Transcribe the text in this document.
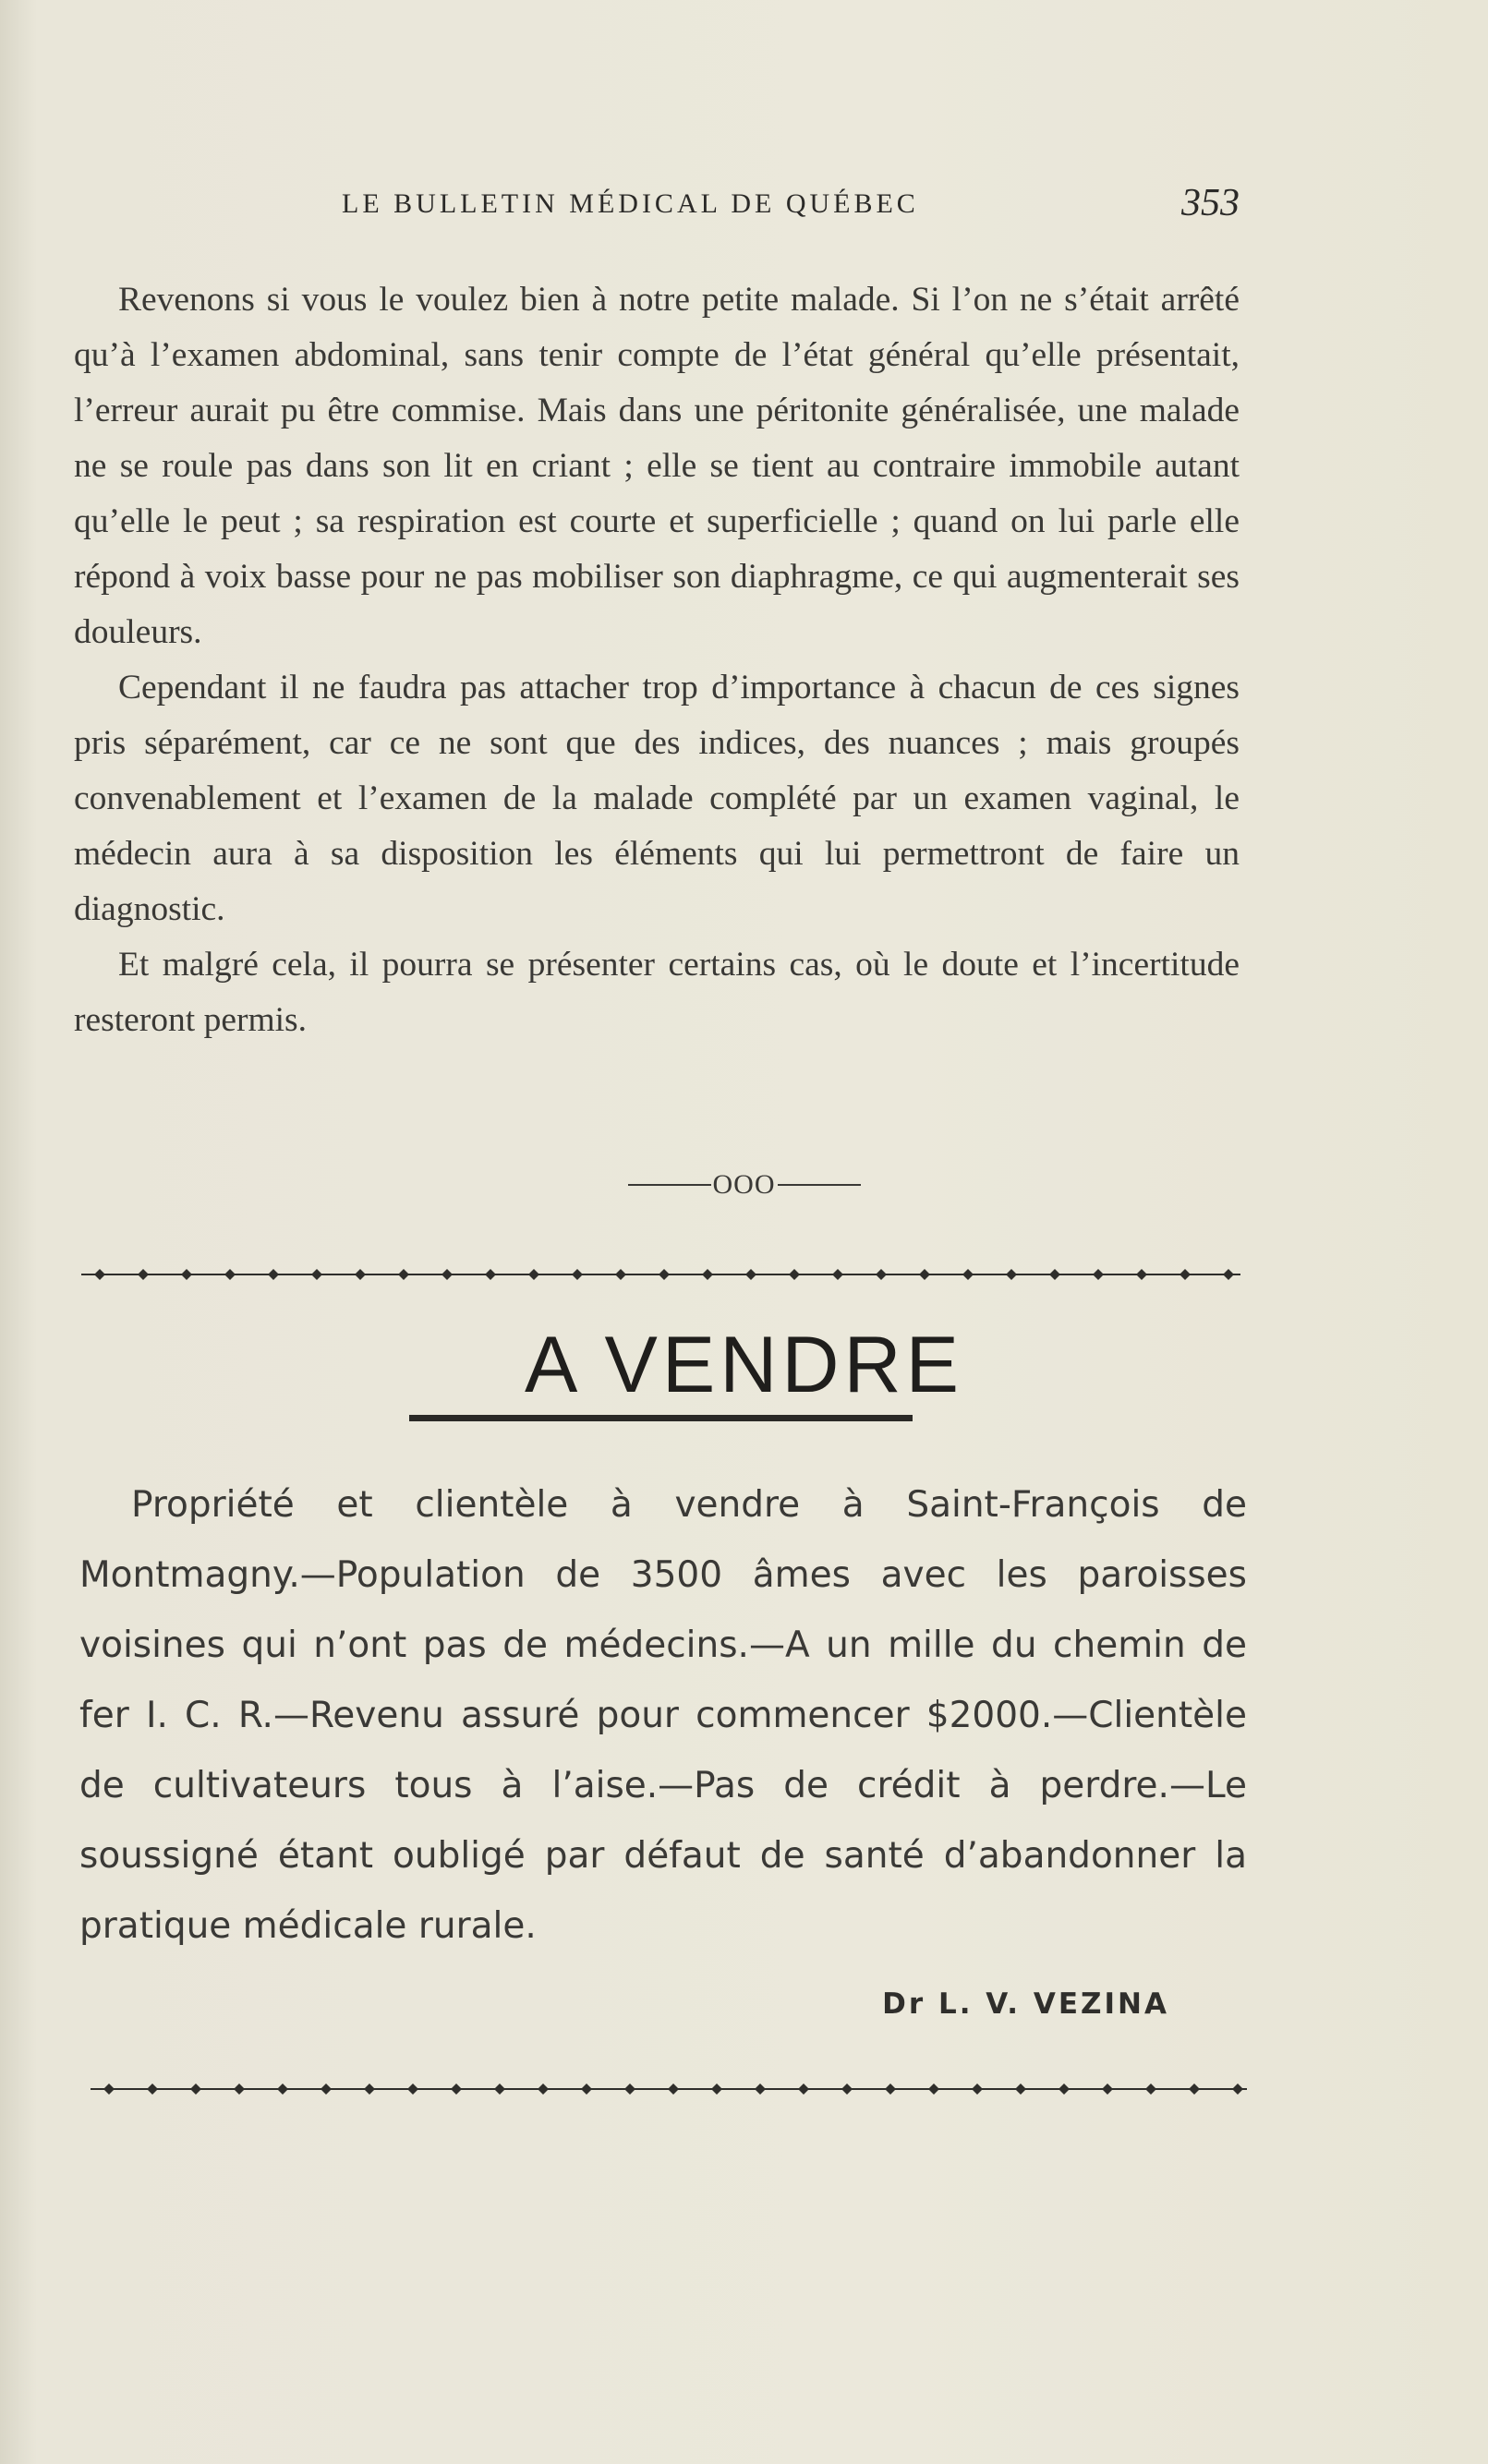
LE BULLETIN MÉDICAL DE QUÉBEC	353

Revenons si vous le voulez bien à notre petite malade. Si l’on ne s’était arrêté qu’à l’examen abdominal, sans tenir compte de l’état général qu’elle présentait, l’erreur aurait pu être commise. Mais dans une péritonite généralisée, une malade ne se roule pas dans son lit en criant ; elle se tient au contraire immobile autant qu’elle le peut ; sa respiration est courte et superficielle ; quand on lui parle elle répond à voix basse pour ne pas mobiliser son diaphragme, ce qui augmenterait ses douleurs.

Cependant il ne faudra pas attacher trop d’importance à chacun de ces signes pris séparément, car ce ne sont que des indices, des nuances ; mais groupés convenablement et l’examen de la malade complété par un examen vaginal, le médecin aura à sa disposition les éléments qui lui permettront de faire un diagnostic.

Et malgré cela, il pourra se présenter certains cas, où le doute et l’incertitude resteront permis.

OOO
A VENDRE

Propriété et clientèle à vendre à Saint-François de Montmagny.—Population de 3500 âmes avec les paroisses voisines qui n’ont pas de médecins.—A un mille du chemin de fer I. C. R.—Revenu assuré pour commencer $2000.—Clientèle de cultivateurs tous à l’aise.—Pas de crédit à perdre.—Le soussigné étant oubligé par défaut de santé d’abandonner la pratique médicale rurale.

Dr L. V. VEZINA
